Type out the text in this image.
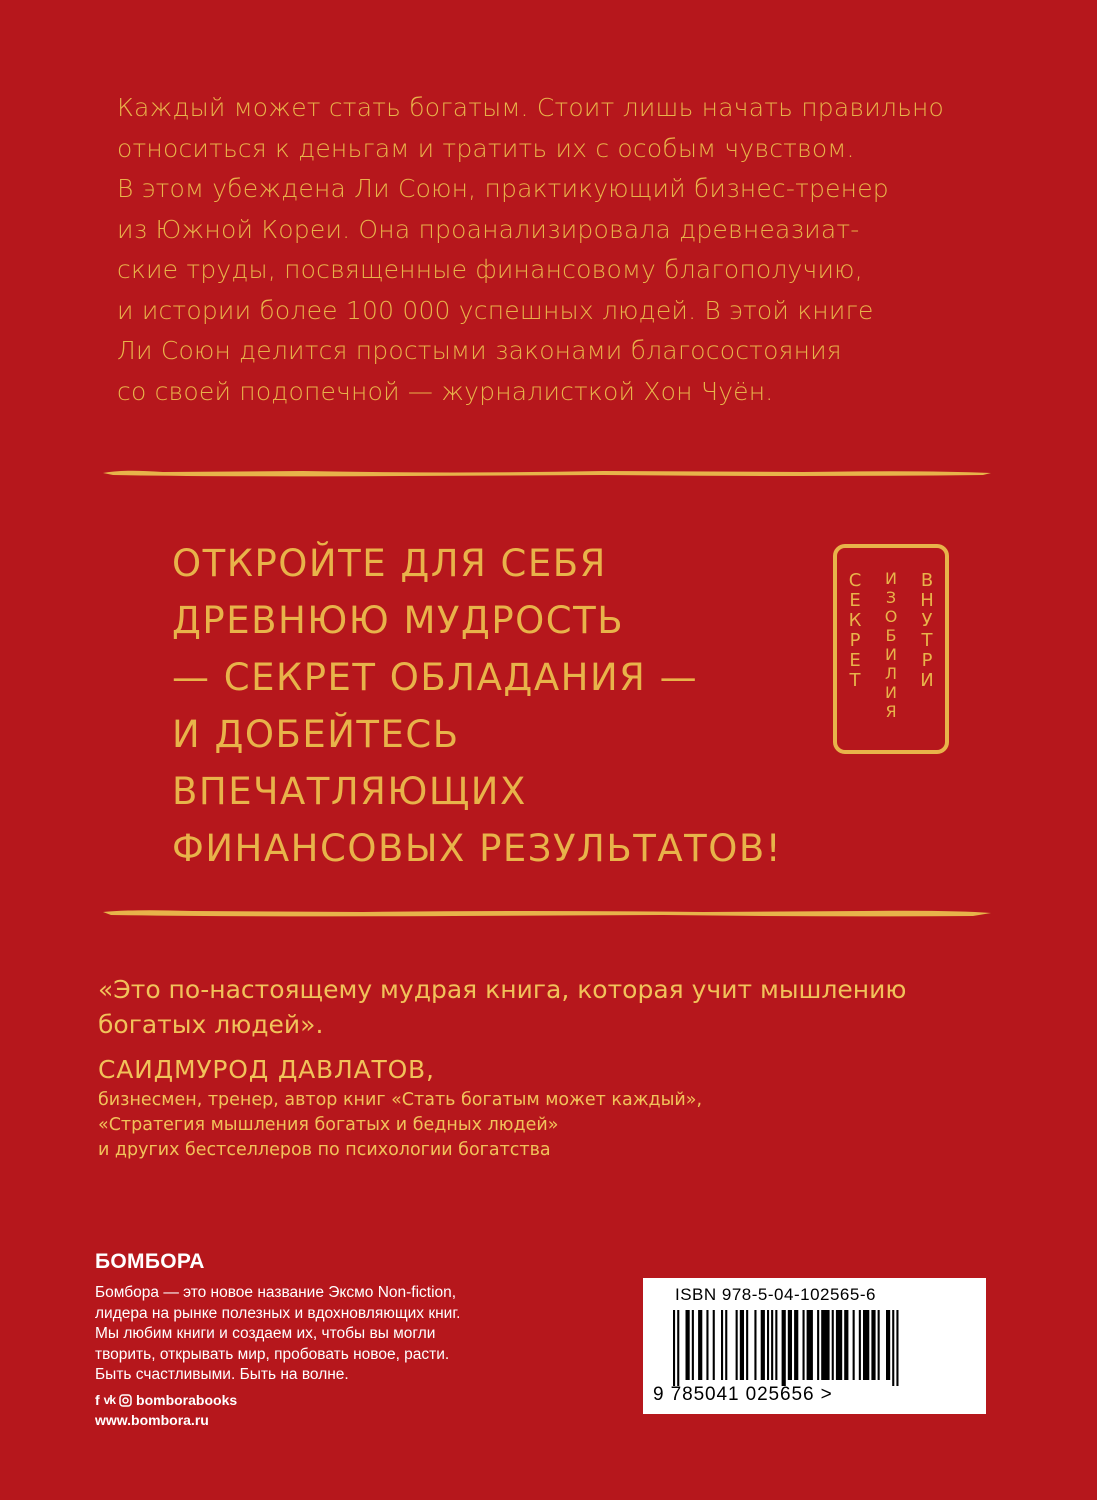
Каждый может стать богатым. Стоит лишь начать правильно
относиться к деньгам и тратить их с особым чувством.
В этом убеждена Ли Союн, практикующий бизнес-тренер
из Южной Кореи. Она проанализировала древнеазиат-
ские труды, посвященные финансовому благополучию,
и истории более 100 000 успешных людей. В этой книге
Ли Союн делится простыми законами благосостояния
со своей подопечной — журналисткой Хон Чуён.
ОТКРОЙТЕ ДЛЯ СЕБЯ
ДРЕВНЮЮ МУДРОСТЬ
— СЕКРЕТ ОБЛАДАНИЯ —
И ДОБЕЙТЕСЬ
ВПЕЧАТЛЯЮЩИХ
ФИНАНСОВЫХ РЕЗУЛЬТАТОВ!
С
Е
К
Р
Е
Т
И
З
О
Б
И
Л
И
Я
В
Н
У
Т
Р
И
«Это по-настоящему мудрая книга, которая учит мышлению
богатых людей».
САИДМУРОД ДАВЛАТОВ,
бизнесмен, тренер, автор книг «Стать богатым может каждый»,
«Стратегия мышления богатых и бедных людей»
и других бестселлеров по психологии богатства
БОМБОРА
Бомбора — это новое название Эксмо Non-fiction,
лидера на рынке полезных и вдохновляющих книг.
Мы любим книги и создаем их, чтобы вы могли
творить, открывать мир, пробовать новое, расти.
Быть счастливыми. Быть на волне.
f vk bomborabooks
www.bombora.ru
ISBN 978-5-04-102565-6
9 785041 025656 >
